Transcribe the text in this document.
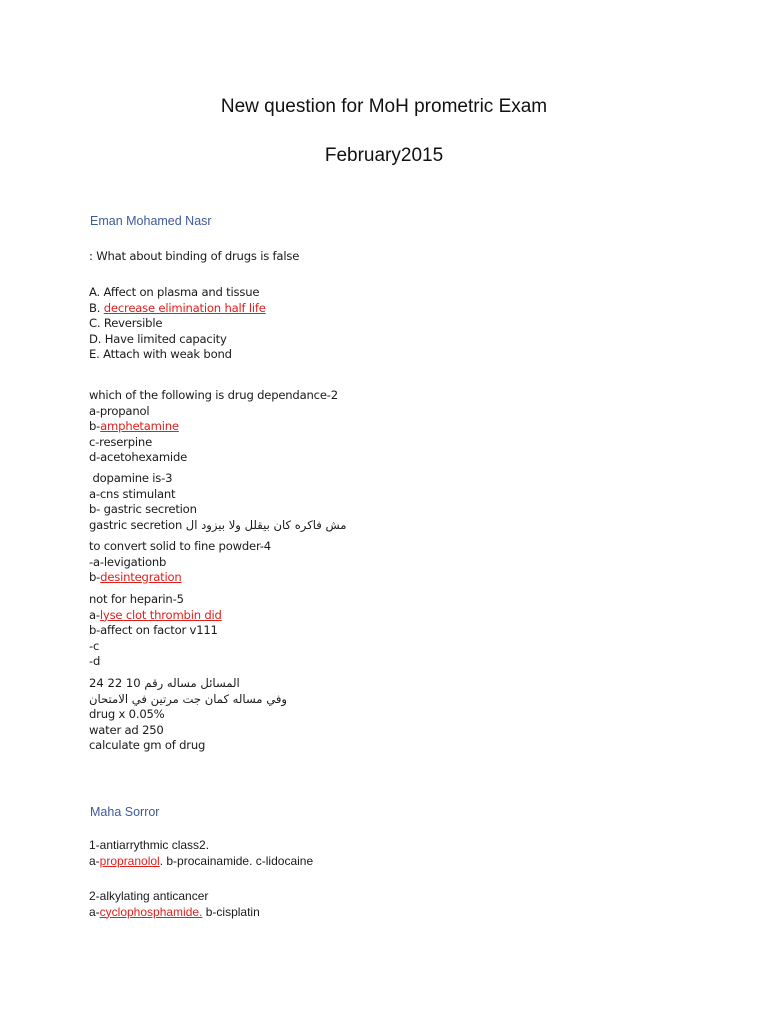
New question for MoH prometric Exam
February2015
Eman Mohamed Nasr
: What about binding of drugs is false
A. Affect on plasma and tissue
B. decrease elimination half life
C. Reversible
D. Have limited capacity
E. Attach with weak bond
which of the following is drug dependance-2
a-propanol
b-amphetamine
c-reserpine
d-acetohexamide
dopamine is-3
a-cns stimulant
b- gastric secretion
مش فاكره كان بيقلل ولا بيزود ال gastric secretion
to convert solid to fine powder-4
-a-levigationb
b-desintegration
not for heparin-5
a-lyse clot thrombin did
b-affect on factor v111
-c
-d
المسائل مساله رقم 10 22 24
وفي مساله كمان جت مرتين في الامتحان
drug x 0.05%
water ad 250
calculate gm of drug
Maha Sorror
1-antiarrythmic class2.
a-propranolol. b-procainamide. c-lidocaine
2-alkylating anticancer
a-cyclophosphamide. b-cisplatin
